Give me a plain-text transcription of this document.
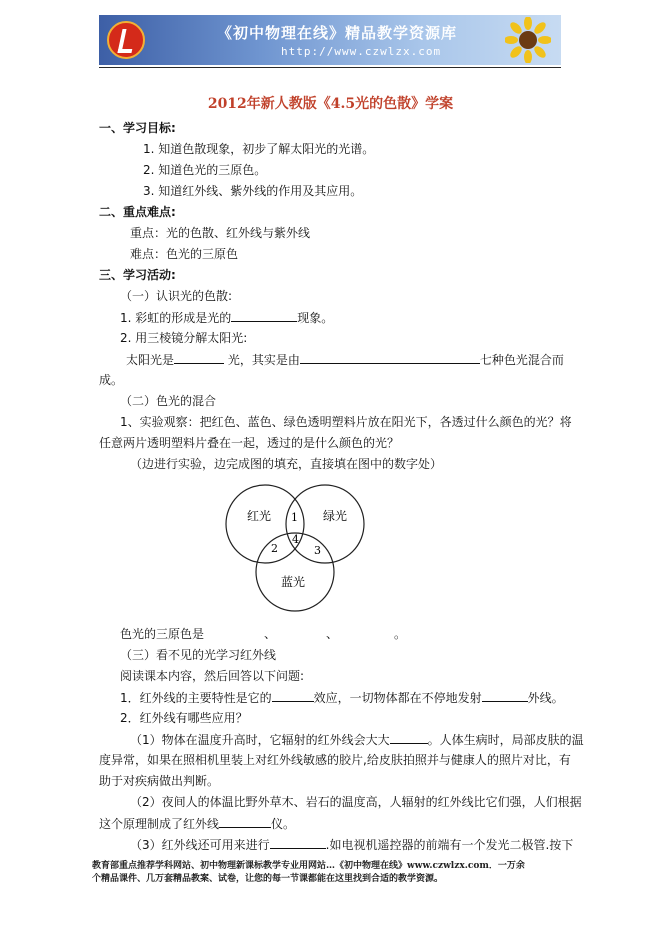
《初中物理在线》精品教学资源库
http://www.czwlzx.com
2012年新人教版《4.5光的色散》学案
一、学习目标:
1. 知道色散现象，初步了解太阳光的光谱。
2. 知道色光的三原色。
3. 知道红外线、紫外线的作用及其应用。
二、重点难点:
重点：光的色散、红外线与紫外线
难点：色光的三原色
三、学习活动:
（一）认识光的色散:
1. 彩虹的形成是光的	现象。
2. 用三棱镜分解太阳光:
太阳光是	光，其实是由	七种色光混合而
成。
（二）色光的混合
1、实验观察：把红色、蓝色、绿色透明塑料片放在阳光下，各透过什么颜色的光？将
任意两片透明塑料片叠在一起，透过的是什么颜色的光？
（边进行实验，边完成图的填充，直接填在图中的数字处）
红光	绿光
蓝光
1
2	3
4
色光的三原色是	、	、	。
（三）看不见的光学习红外线
阅读课本内容，然后回答以下问题:
1．红外线的主要特性是它的	效应，一切物体都在不停地发射	外线。
2．红外线有哪些应用？
（1）物体在温度升高时，它辐射的红外线会大大	。人体生病时，局部皮肤的温
度异常，如果在照相机里装上对红外线敏感的胶片,给皮肤拍照并与健康人的照片对比，有
助于对疾病做出判断。
（2）夜间人的体温比野外草木、岩石的温度高，人辐射的红外线比它们强，人们根据
这个原理制成了红外线	仪。
（3）红外线还可用来进行	.如电视机遥控器的前端有一个发光二极管.按下
教育部重点推荐学科网站、初中物理新课标教学专业用网站…《初中物理在线》www.czwlzx.com．一万余
个精品课件、几万套精品教案、试卷，让您的每一节课都能在这里找到合适的教学资源。
